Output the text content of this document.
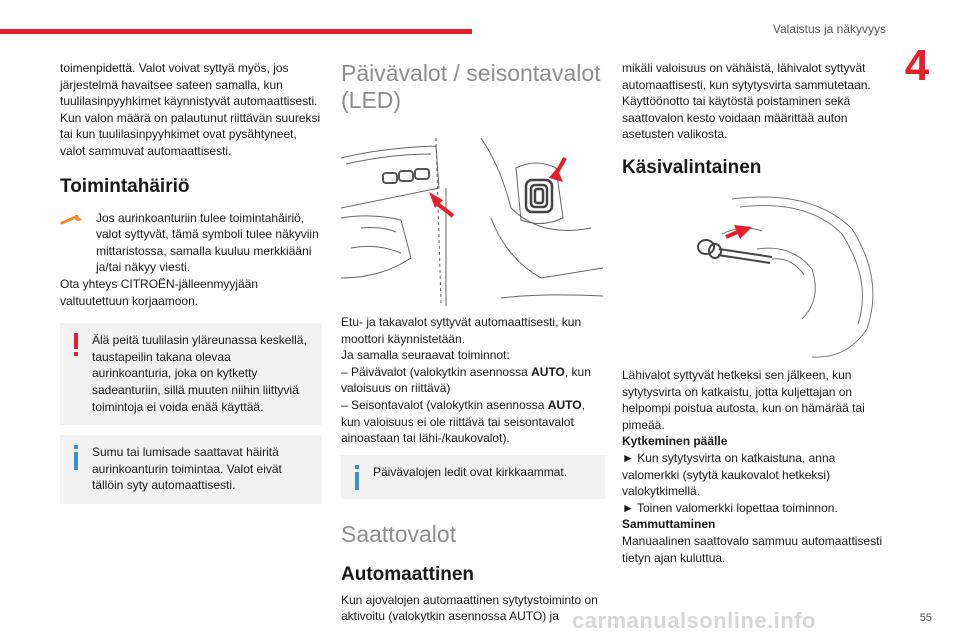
Valaistus ja näkyvyys
4

toimenpidettä. Valot voivat syttyä myös, jos järjestelmä havaitsee sateen samalla, kun tuulilasinpyyhkimet käynnistyvät automaattisesti. Kun valon määrä on palautunut riittävän suureksi tai kun tuulilasinpyyhkimet ovat pysähtyneet, valot sammuvat automaattisesti.

Toimintahäiriö

Jos aurinkoanturiin tulee toimintahäiriö, valot syttyvät, tämä symboli tulee näkyviin mittaristossa, samalla kuuluu merkkiääni ja/tai näkyy viesti.

Ota yhteys CITROËN-jälleenmyyjään valtuutettuun korjaamoon.

Älä peitä tuulilasin yläreunassa keskellä, taustapeilin takana olevaa aurinkoanturia, joka on kytketty sadeanturiin, sillä muuten niihin liittyviä toimintoja ei voida enää käyttää.

Sumu tai lumisade saattavat häiritä aurinkoanturin toimintaa. Valot eivät tällöin syty automaattisesti.

Päivävalot / seisontavalot (LED)

Etu- ja takavalot syttyvät automaattisesti, kun moottori käynnistetään.

Ja samalla seuraavat toiminnot:

– Päivävalot (valokytkin asennossa AUTO, kun valoisuus on riittävä)

– Seisontavalot (valokytkin asennossa AUTO, kun valoisuus ei ole riittävä tai seisontavalot ainoastaan tai lähi-/kaukovalot).

Päivävalojen ledit ovat kirkkaammat.

Saattovalot
Automaattinen

Kun ajovalojen automaattinen sytytystoiminto on aktivoitu (valokytkin asennossa AUTO) ja

mikäli valoisuus on vähäistä, lähivalot syttyvät automaattisesti, kun sytytysvirta sammutetaan.

Käyttöönotto tai käytöstä poistaminen sekä saattovalon kesto voidaan määrittää auton asetusten valikosta.

Käsivalintainen

Lähivalot syttyvät hetkeksi sen jälkeen, kun sytytysvirta on katkaistu, jotta kuljettajan on helpompi poistua autosta, kun on hämärää tai pimeää.

Kytkeminen päälle

► Kun sytytysvirta on katkaistuna, anna valomerkki (sytytä kaukovalot hetkeksi) valokytkimellä.

► Toinen valomerkki lopettaa toiminnon.

Sammuttaminen

Manuaalinen saattovalo sammuu automaattisesti tietyn ajan kuluttua.

carmanualsonline.info	55
